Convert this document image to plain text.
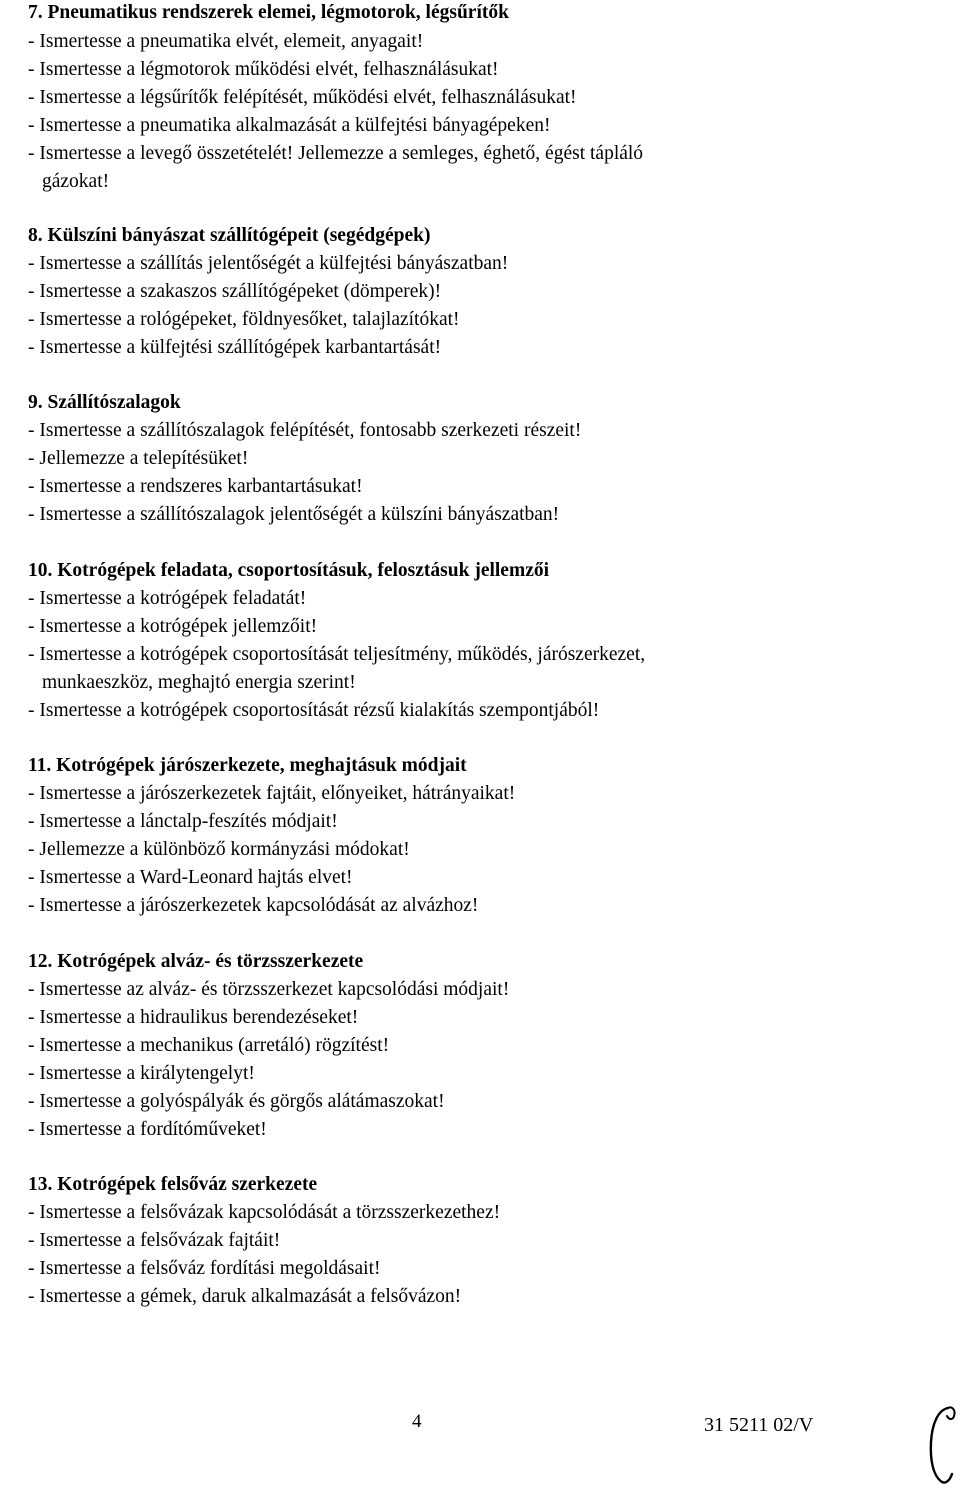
7. Pneumatikus rendszerek elemei, légmotorok, légsűrítők
- Ismertesse a pneumatika elvét, elemeit, anyagait!
- Ismertesse a légmotorok működési elvét, felhasználásukat!
- Ismertesse a légsűrítők felépítését, működési elvét, felhasználásukat!
- Ismertesse a pneumatika alkalmazását a külfejtési bányagépeken!
- Ismertesse a levegő összetételét! Jellemezze a semleges, éghető, égést tápláló
gázokat!
8. Külszíni bányászat szállítógépeit (segédgépek)
- Ismertesse a szállítás jelentőségét a külfejtési bányászatban!
- Ismertesse a szakaszos szállítógépeket (dömperek)!
- Ismertesse a rológépeket, földnyesőket, talajlazítókat!
- Ismertesse a külfejtési szállítógépek karbantartását!
9. Szállítószalagok
- Ismertesse a szállítószalagok felépítését, fontosabb szerkezeti részeit!
- Jellemezze a telepítésüket!
- Ismertesse a rendszeres karbantartásukat!
- Ismertesse a szállítószalagok jelentőségét a külszíni bányászatban!
10. Kotrógépek feladata, csoportosításuk, felosztásuk jellemzői
- Ismertesse a kotrógépek feladatát!
- Ismertesse a kotrógépek jellemzőit!
- Ismertesse a kotrógépek csoportosítását teljesítmény, működés, járószerkezet,
munkaeszköz, meghajtó energia szerint!
- Ismertesse a kotrógépek csoportosítását rézsű kialakítás szempontjából!
11. Kotrógépek járószerkezete, meghajtásuk módjait
- Ismertesse a járószerkezetek fajtáit, előnyeiket, hátrányaikat!
- Ismertesse a lánctalp-feszítés módjait!
- Jellemezze a különböző kormányzási módokat!
- Ismertesse a Ward-Leonard hajtás elvet!
- Ismertesse a járószerkezetek kapcsolódását az alvázhoz!
12. Kotrógépek alváz- és törzsszerkezete
- Ismertesse az alváz- és törzsszerkezet kapcsolódási módjait!
- Ismertesse a hidraulikus berendezéseket!
- Ismertesse a mechanikus (arretáló) rögzítést!
- Ismertesse a királytengelyt!
- Ismertesse a golyóspályák és görgős alátámaszokat!
- Ismertesse a fordítóműveket!
13. Kotrógépek felsőváz szerkezete
- Ismertesse a felsővázak kapcsolódását a törzsszerkezethez!
- Ismertesse a felsővázak fajtáit!
- Ismertesse a felsőváz fordítási megoldásait!
- Ismertesse a gémek, daruk alkalmazását a felsővázon!
4	31 5211 02/V
